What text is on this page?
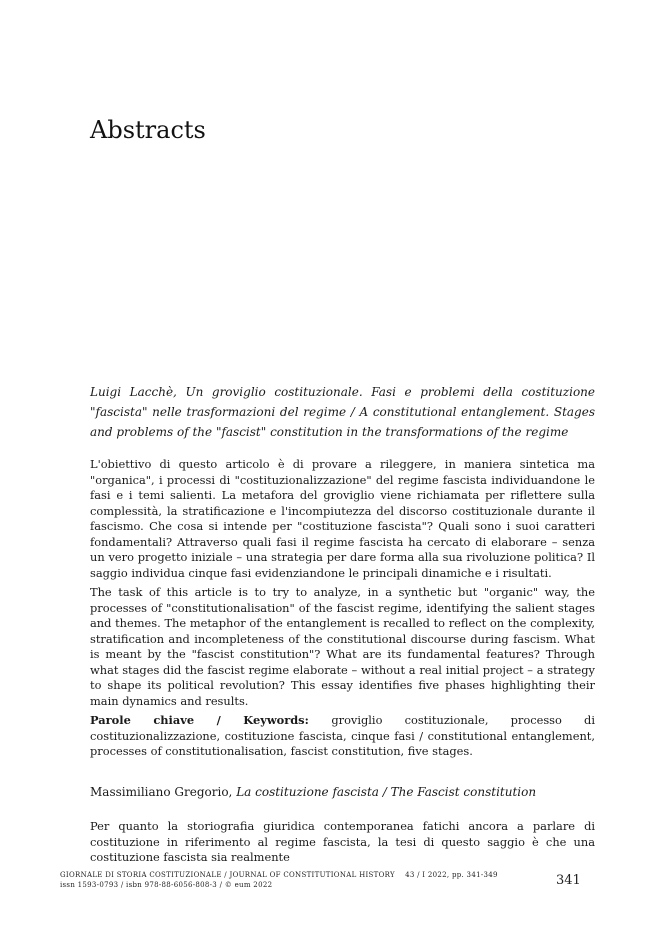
Abstracts
Luigi Lacchè, Un groviglio costituzionale. Fasi e problemi della costituzione "fascista" nelle trasformazioni del regime / A constitutional entanglement. Stages and problems of the "fascist" constitution in the transformations of the regime

L'obiettivo di questo articolo è di provare a rileggere, in maniera sintetica ma "organica", i processi di "costituzionalizzazione" del regime fascista individuandone le fasi e i temi salienti. La metafora del groviglio viene richiamata per riflettere sulla complessità, la stratificazione e l'incompiutezza del discorso costituzionale durante il fascismo. Che cosa si intende per "costituzione fascista"? Quali sono i suoi caratteri fondamentali? Attraverso quali fasi il regime fascista ha cercato di elaborare – senza un vero progetto iniziale – una strategia per dare forma alla sua rivoluzione politica? Il saggio individua cinque fasi evidenziandone le principali dinamiche e i risultati.

The task of this article is to try to analyze, in a synthetic but "organic" way, the processes of "constitutionalisation" of the fascist regime, identifying the salient stages and themes. The metaphor of the entanglement is recalled to reflect on the complexity, stratification and incompleteness of the constitutional discourse during fascism. What is meant by the "fascist constitution"? What are its fundamental features? Through what stages did the fascist regime elaborate – without a real initial project – a strategy to shape its political revolution? This essay identifies five phases highlighting their main dynamics and results.

Parole chiave / Keywords: groviglio costituzionale, processo di costituzionalizzazione, costituzione fascista, cinque fasi / constitutional entanglement, processes of constitutionalisation, fascist constitution, five stages.

Massimiliano Gregorio, La costituzione fascista / The Fascist constitution
Per quanto la storiografia giuridica contemporanea fatichi ancora a parlare di costituzione in riferimento al regime fascista, la tesi di questo saggio è che una costituzione fascista sia realmente
GIORNALE DI STORIA COSTITUZIONALE / JOURNAL OF CONSTITUTIONAL HISTORY 43 / I 2022, pp. 341-349
issn 1593-0793 / isbn 978-88-6056-808-3 / © eum 2022	341
